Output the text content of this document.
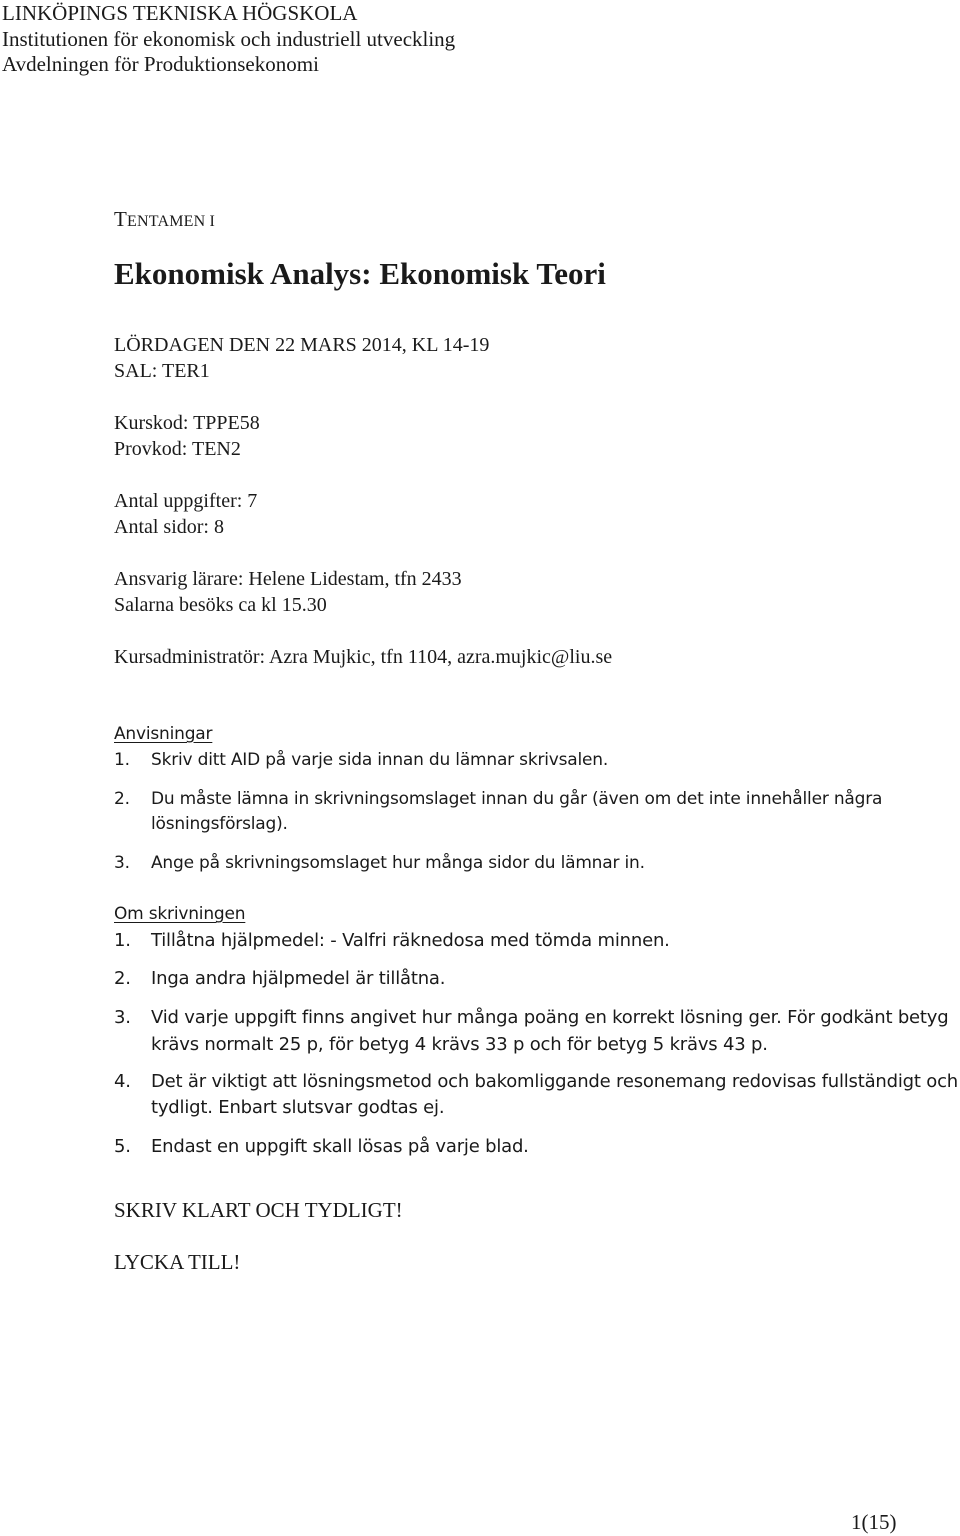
LINKÖPINGS TEKNISKA HÖGSKOLA
Institutionen för ekonomisk och industriell utveckling
Avdelningen för Produktionsekonomi
TENTAMEN I
Ekonomisk Analys: Ekonomisk Teori
LÖRDAGEN DEN 22 MARS 2014, KL 14-19
SAL: TER1
Kurskod: TPPE58
Provkod: TEN2
Antal uppgifter: 7
Antal sidor: 8
Ansvarig lärare: Helene Lidestam, tfn 2433
Salarna besöks ca kl 15.30
Kursadministratör: Azra Mujkic, tfn 1104, azra.mujkic@liu.se
Anvisningar
1. Skriv ditt AID på varje sida innan du lämnar skrivsalen.
2. Du måste lämna in skrivningsomslaget innan du går (även om det inte innehåller några
lösningsförslag).
3. Ange på skrivningsomslaget hur många sidor du lämnar in.
Om skrivningen
1. Tillåtna hjälpmedel: - Valfri räknedosa med tömda minnen.
2. Inga andra hjälpmedel är tillåtna.
3. Vid varje uppgift finns angivet hur många poäng en korrekt lösning ger. För godkänt betyg
krävs normalt 25 p, för betyg 4 krävs 33 p och för betyg 5 krävs 43 p.
4. Det är viktigt att lösningsmetod och bakomliggande resonemang redovisas fullständigt och
tydligt. Enbart slutsvar godtas ej.
5. Endast en uppgift skall lösas på varje blad.
SKRIV KLART OCH TYDLIGT!
LYCKA TILL!
1(15)
